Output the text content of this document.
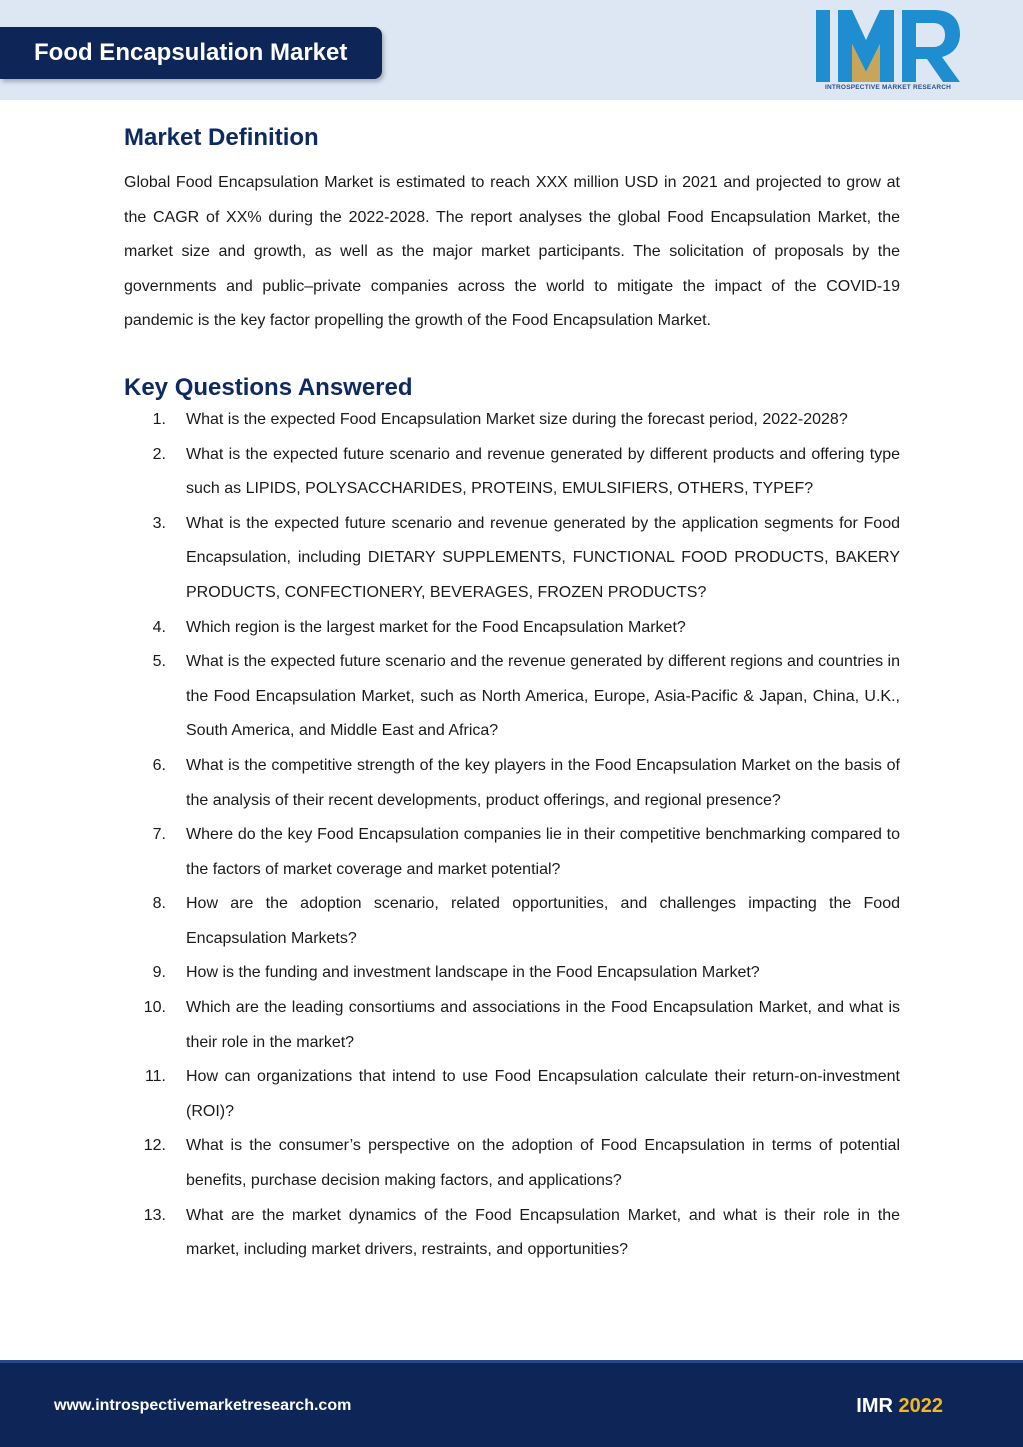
Food Encapsulation Market
INTROSPECTIVE MARKET RESEARCH
Market Definition

Global Food Encapsulation Market is estimated to reach XXX million USD in 2021 and projected to grow at the CAGR of XX% during the 2022-2028. The report analyses the global Food Encapsulation Market, the market size and growth, as well as the major market participants. The solicitation of proposals by the governments and public–private companies across the world to mitigate the impact of the COVID-19 pandemic is the key factor propelling the growth of the Food Encapsulation Market.

Key Questions Answered
1. What is the expected Food Encapsulation Market size during the forecast period, 2022-2028?
2. What is the expected future scenario and revenue generated by different products and offering type such as LIPIDS, POLYSACCHARIDES, PROTEINS, EMULSIFIERS, OTHERS, TYPEF?
3. What is the expected future scenario and revenue generated by the application segments for Food Encapsulation, including DIETARY SUPPLEMENTS, FUNCTIONAL FOOD PRODUCTS, BAKERY PRODUCTS, CONFECTIONERY, BEVERAGES, FROZEN PRODUCTS?
4. Which region is the largest market for the Food Encapsulation Market?
5. What is the expected future scenario and the revenue generated by different regions and countries in the Food Encapsulation Market, such as North America, Europe, Asia-Pacific & Japan, China, U.K., South America, and Middle East and Africa?
6. What is the competitive strength of the key players in the Food Encapsulation Market on the basis of the analysis of their recent developments, product offerings, and regional presence?
7. Where do the key Food Encapsulation companies lie in their competitive benchmarking compared to the factors of market coverage and market potential?
8. How are the adoption scenario, related opportunities, and challenges impacting the Food Encapsulation Markets?
9. How is the funding and investment landscape in the Food Encapsulation Market?
10. Which are the leading consortiums and associations in the Food Encapsulation Market, and what is their role in the market?
11. How can organizations that intend to use Food Encapsulation calculate their return-on-investment (ROI)?
12. What is the consumer’s perspective on the adoption of Food Encapsulation in terms of potential benefits, purchase decision making factors, and applications?
13. What are the market dynamics of the Food Encapsulation Market, and what is their role in the market, including market drivers, restraints, and opportunities?
www.introspectivemarketresearch.com	IMR 2022
